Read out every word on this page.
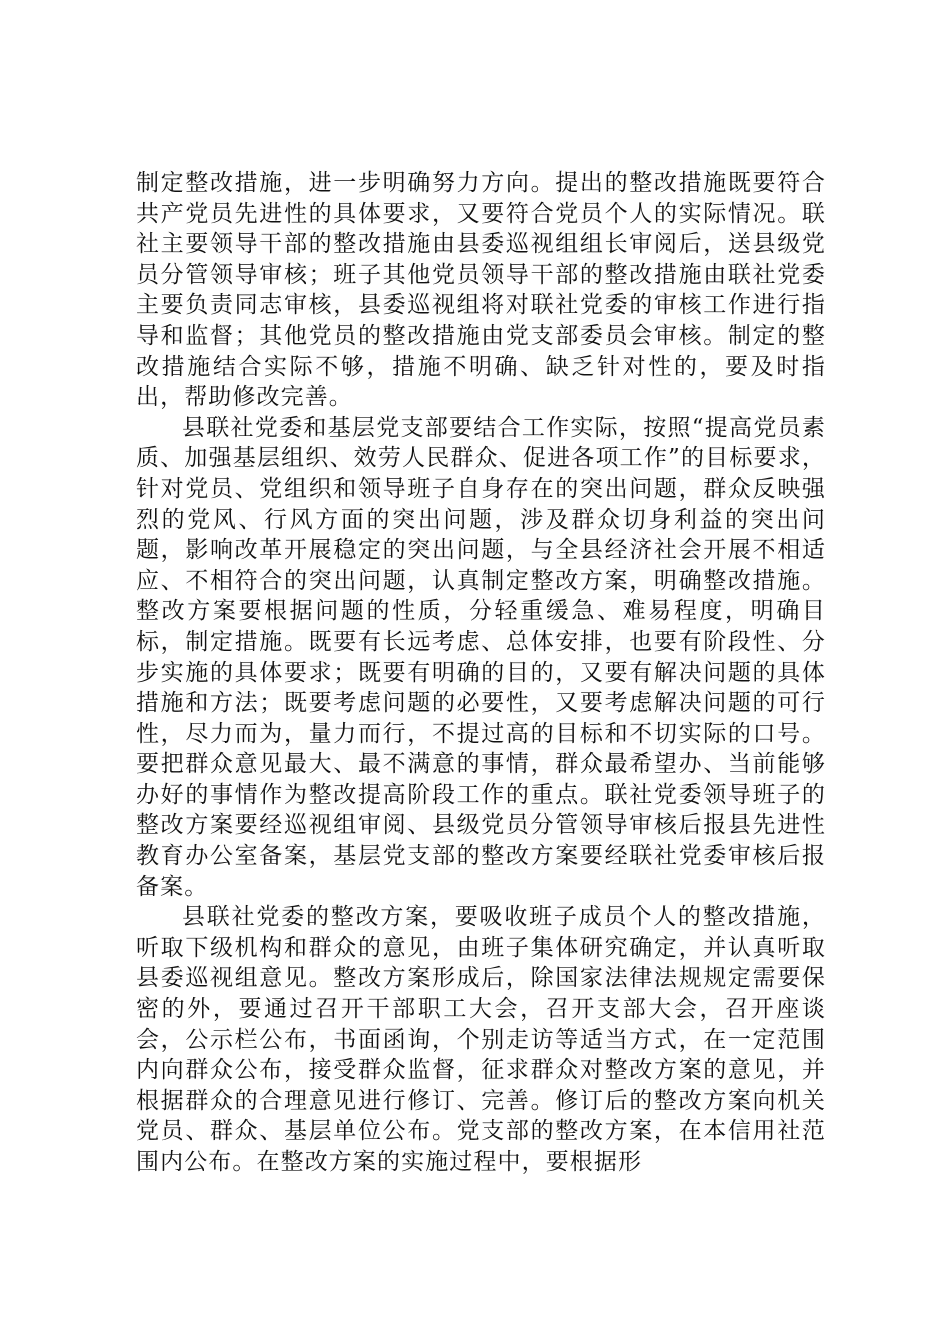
制定整改措施，进一步明确努力方向。提出的整改措施既要符合共产党员先进性的具体要求，又要符合党员个人的实际情况。联社主要领导干部的整改措施由县委巡视组组长审阅后，送县级党员分管领导审核；班子其他党员领导干部的整改措施由联社党委主要负责同志审核，县委巡视组将对联社党委的审核工作进行指导和监督；其他党员的整改措施由党支部委员会审核。制定的整改措施结合实际不够，措施不明确、缺乏针对性的，要及时指出，帮助修改完善。

县联社党委和基层党支部要结合工作实际，按照“提高党员素质、加强基层组织、效劳人民群众、促进各项工作”的目标要求，针对党员、党组织和领导班子自身存在的突出问题，群众反映强烈的党风、行风方面的突出问题，涉及群众切身利益的突出问题，影响改革开展稳定的突出问题，与全县经济社会开展不相适应、不相符合的突出问题，认真制定整改方案，明确整改措施。整改方案要根据问题的性质，分轻重缓急、难易程度，明确目标，制定措施。既要有长远考虑、总体安排，也要有阶段性、分步实施的具体要求；既要有明确的目的，又要有解决问题的具体措施和方法；既要考虑问题的必要性，又要考虑解决问题的可行性，尽力而为，量力而行，不提过高的目标和不切实际的口号。要把群众意见最大、最不满意的事情，群众最希望办、当前能够办好的事情作为整改提高阶段工作的重点。联社党委领导班子的整改方案要经巡视组审阅、县级党员分管领导审核后报县先进性教育办公室备案，基层党支部的整改方案要经联社党委审核后报备案。

县联社党委的整改方案，要吸收班子成员个人的整改措施，听取下级机构和群众的意见，由班子集体研究确定，并认真听取县委巡视组意见。整改方案形成后，除国家法律法规规定需要保密的外，要通过召开干部职工大会，召开支部大会，召开座谈会，公示栏公布，书面函询，个别走访等适当方式，在一定范围内向群众公布，接受群众监督，征求群众对整改方案的意见，并根据群众的合理意见进行修订、完善。修订后的整改方案向机关党员、群众、基层单位公布。党支部的整改方案，在本信用社范围内公布。在整改方案的实施过程中，要根据形
